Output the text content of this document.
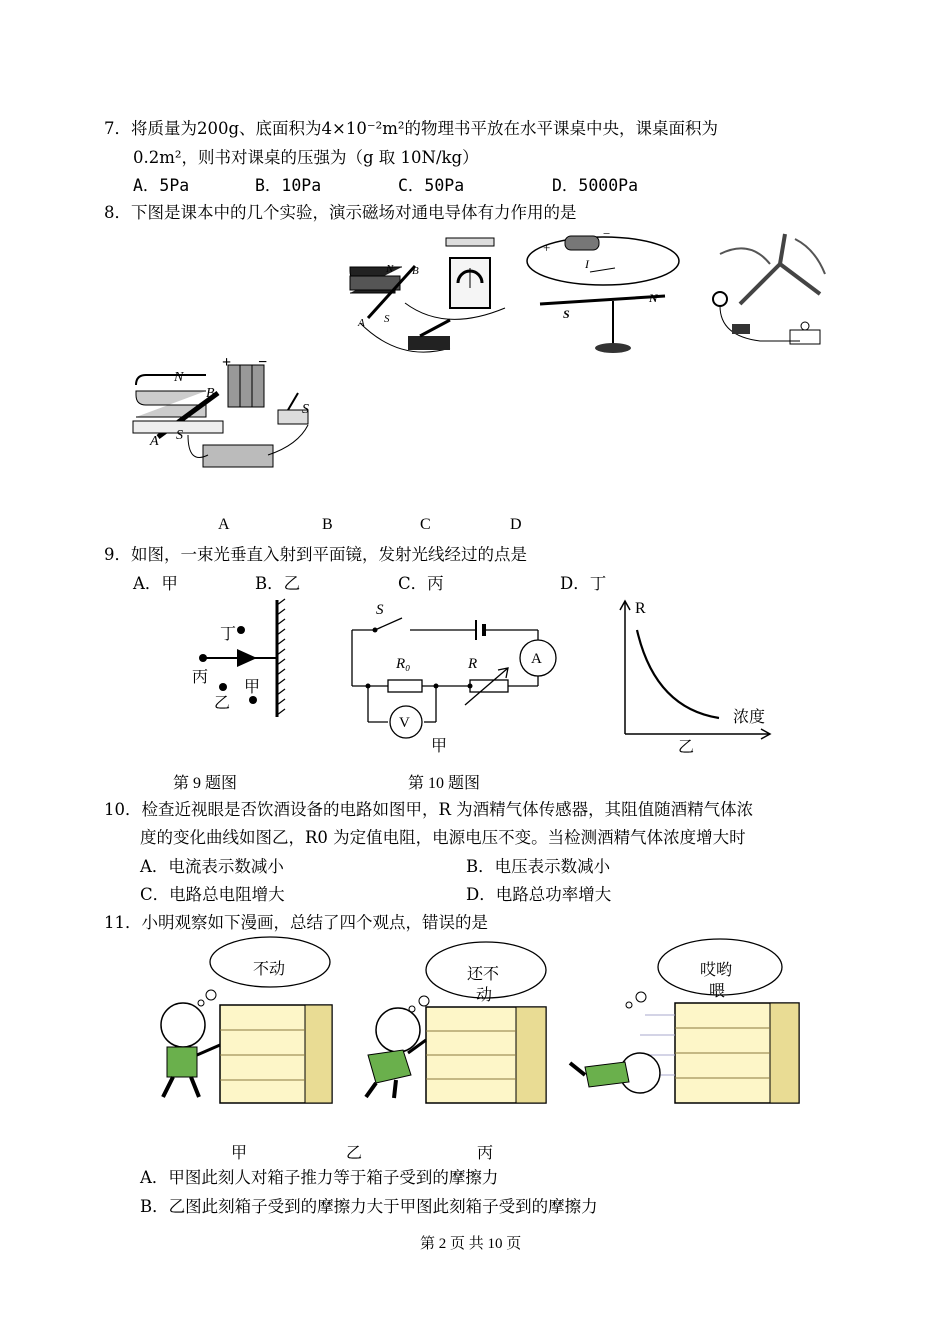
7．将质量为200g、底面积为4×10⁻²m²的物理书平放在水平课桌中央，课桌面积为
0.2m²，则书对课桌的压强为（g 取 10N/kg）
A．5Pa	B．10Pa	C．50Pa	D．5000Pa
8．下图是课本中的几个实验，演示磁场对通电导体有力作用的是
N B
A S
+
−
I
S
N
N
B
A S
S
+ −
A	B	C	D
9．如图，一束光垂直入射到平面镜，发射光线经过的点是
A．甲	B．乙	C．丙	D．丁
丁
丙
乙
甲
S
R₀	R	A
V
甲
R
浓度
乙
第 9 题图	第 10 题图
10．检查近视眼是否饮酒设备的电路如图甲，R 为酒精气体传感器，其阻值随酒精气体浓
度的变化曲线如图乙，R0 为定值电阻，电源电压不变。当检测酒精气体浓度增大时
A．电流表示数减小	B．电压表示数减小
C．电路总电阻增大	D．电路总功率增大
11．小明观察如下漫画，总结了四个观点，错误的是
不动	还不
动
哎哟
喂
甲	乙	丙
A．甲图此刻人对箱子推力等于箱子受到的摩擦力
B．乙图此刻箱子受到的摩擦力大于甲图此刻箱子受到的摩擦力
第 2 页 共 10 页
